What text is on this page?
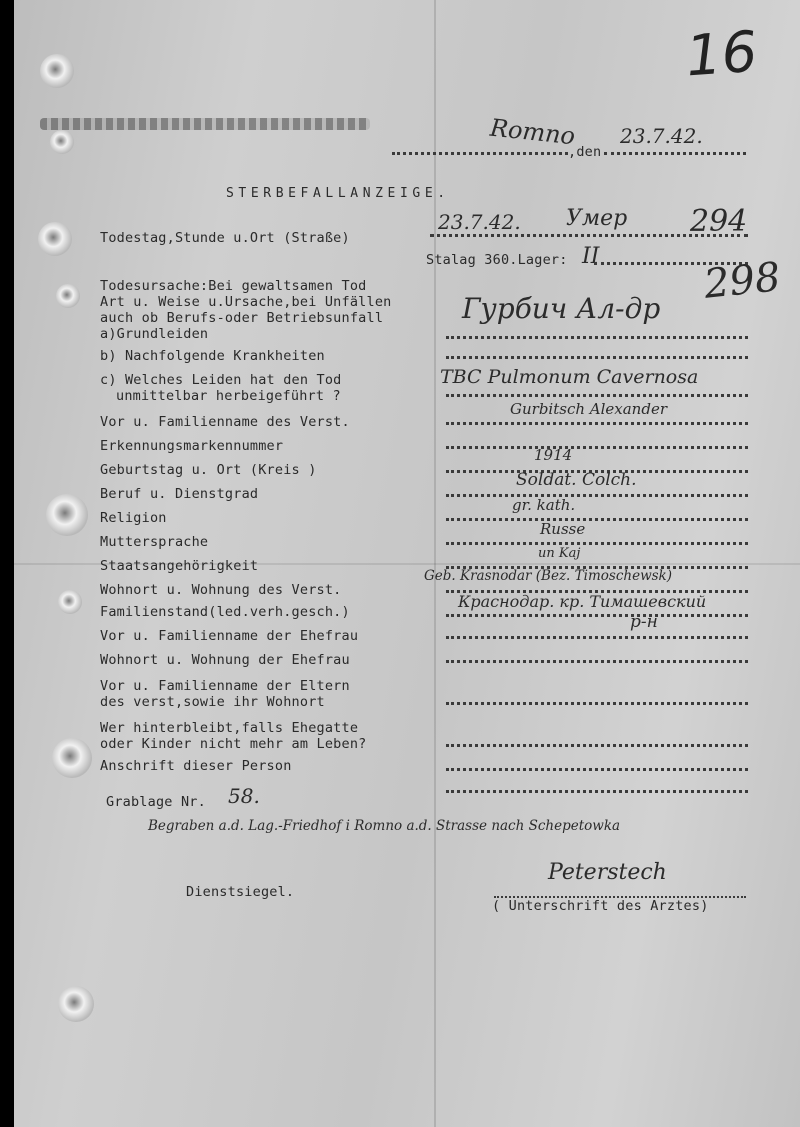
16
Romno
,den
23.7.42.
STERBEFALLANZEIGE.
Todestag,Stunde u.Ort (Straße)
23.7.42. Умер 294
Stalag 360.Lager: II
Todesursache:Bei gewaltsamen Tod
Art u. Weise u.Ursache,bei Unfällen
auch ob Berufs-oder Betriebsunfall
a)Grundleiden
Гурбич Ал-др
298
b) Nachfolgende Krankheiten
c) Welches Leiden hat den Tod
unmittelbar herbeigeführt ?
TBC Pulmonum Cavernosa
Vor u. Familienname des Verst.
Gurbitsch Alexander
Erkennungsmarkennummer
Geburtstag u. Ort (Kreis )
1914
Beruf u. Dienstgrad
Soldat. Colch.
Religion
gr. kath.
Muttersprache
Russe
Staatsangehörigkeit
un Kaj
Wohnort u. Wohnung des Verst.
Geb. Krasnodar (Bez. Timoschewsk)
Familienstand(led.verh.gesch.)
Краснодар. кр. Тимашевский
Vor u. Familienname der Ehefrau
р-н
Wohnort u. Wohnung der Ehefrau
Vor u. Familienname der Eltern
des verst,sowie ihr Wohnort
Wer hinterbleibt,falls Ehegatte
oder Kinder nicht mehr am Leben?
Anschrift dieser Person
Grablage Nr. 58.
Begraben a.d. Lag.-Friedhof i Romno a.d. Strasse nach Schepetowka
Dienstsiegel.
Peterstech
( Unterschrift des Arztes)
